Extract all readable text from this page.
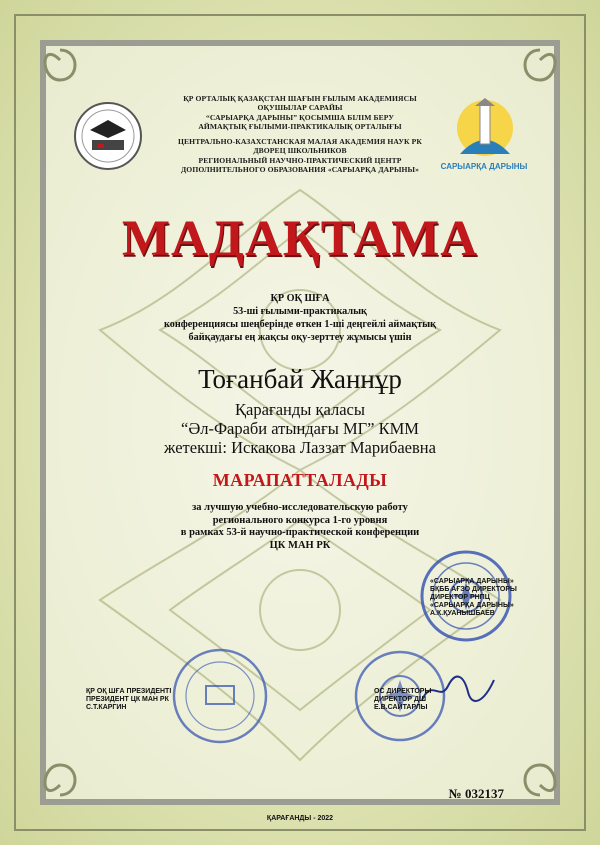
САРЫАРҚА ДАРЫНЫ
ҚР ОРТАЛЫҚ ҚАЗАҚСТАН ШАҒЫН ҒЫЛЫМ АКАДЕМИЯСЫ
ОҚУШЫЛАР САРАЙЫ
“САРЫАРҚА ДАРЫНЫ” ҚОСЫМША БІЛІМ БЕРУ
АЙМАҚТЫҚ ҒЫЛЫМИ-ПРАКТИКАЛЫҚ ОРТАЛЫҒЫ
ЦЕНТРАЛЬНО-КАЗАХСТАНСКАЯ МАЛАЯ АКАДЕМИЯ НАУК РК
ДВОРЕЦ ШКОЛЬНИКОВ
РЕГИОНАЛЬНЫЙ НАУЧНО-ПРАКТИЧЕСКИЙ ЦЕНТР
ДОПОЛНИТЕЛЬНОГО ОБРАЗОВАНИЯ «САРЫАРҚА ДАРЫНЫ»
МАДАҚТАМА
ҚР ОҚ ШҒА
53-ші ғылыми-практикалық
конференциясы шеңберінде өткен 1-ші деңгейлі аймақтық
байқаудағы ең жақсы оқу-зерттеу жұмысы үшін
Тоғанбай Жаннұр
Қарағанды қаласы
“Әл-Фараби атындағы МГ” КММ
жетекші: Искакова Лаззат Марибаевна
МАРАПАТТАЛАДЫ
за лучшую учебно-исследовательскую работу
регионального конкурса 1-го уровня
в рамках 53-й научно-практической конференции
ЦК МАН РК
«САРЫАРҚА ДАРЫНЫ»
БҚББ АҒЗО ДИРЕКТОРЫ
ДИРЕКТОР РНПЦ
«САРЫАРҚА ДАРЫНЫ»
А.К.ҚУАНЫШБАЕВ
ҚР ОҚ ШҒА ПРЕЗИДЕНТІ
ПРЕЗИДЕНТ ЦК МАН РК
С.Т.КАРГИН
ОС ДИРЕКТОРЫ
ДИРЕКТОР ДШ
Е.В.САЙТАРЛЫ
№ 032137
ҚАРАҒАНДЫ - 2022
